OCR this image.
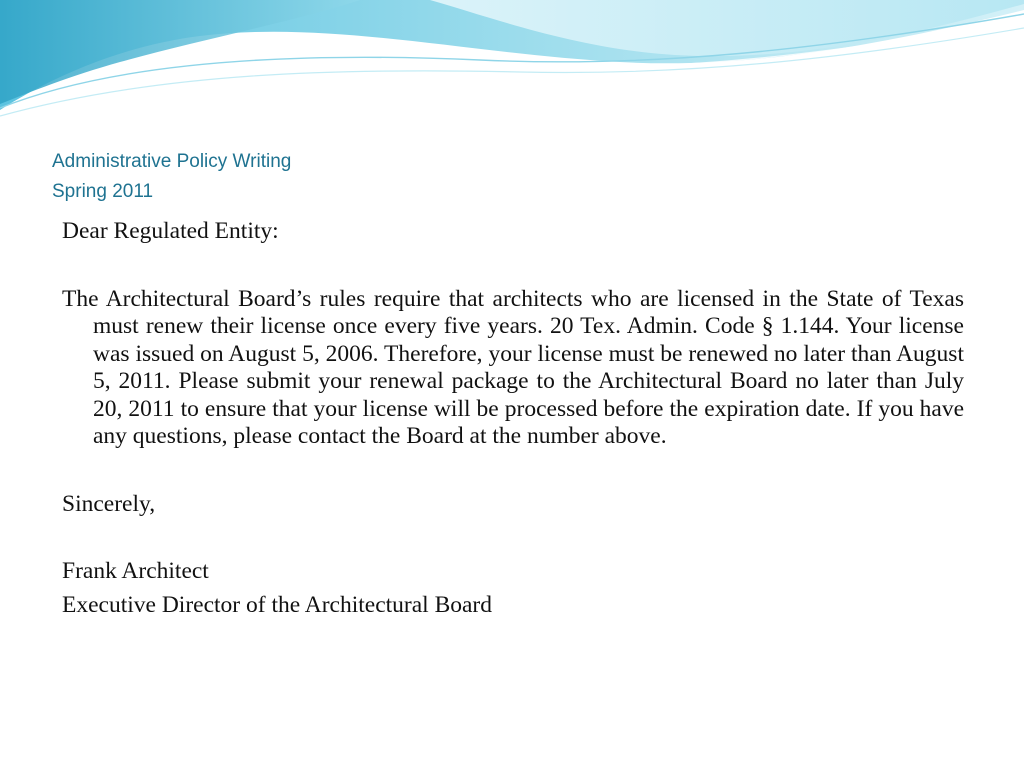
Administrative Policy Writing
Spring 2011

Dear Regulated Entity:

The Architectural Board’s rules require that architects who are licensed in the State of Texas must renew their license once every five years. 20 Tex. Admin. Code § 1.144. Your license was issued on August 5, 2006. Therefore, your license must be renewed no later than August 5, 2011. Please submit your renewal package to the Architectural Board no later than July 20, 2011 to ensure that your license will be processed before the expiration date. If you have any questions, please contact the Board at the number above.

Sincerely,

Frank Architect

Executive Director of the Architectural Board
